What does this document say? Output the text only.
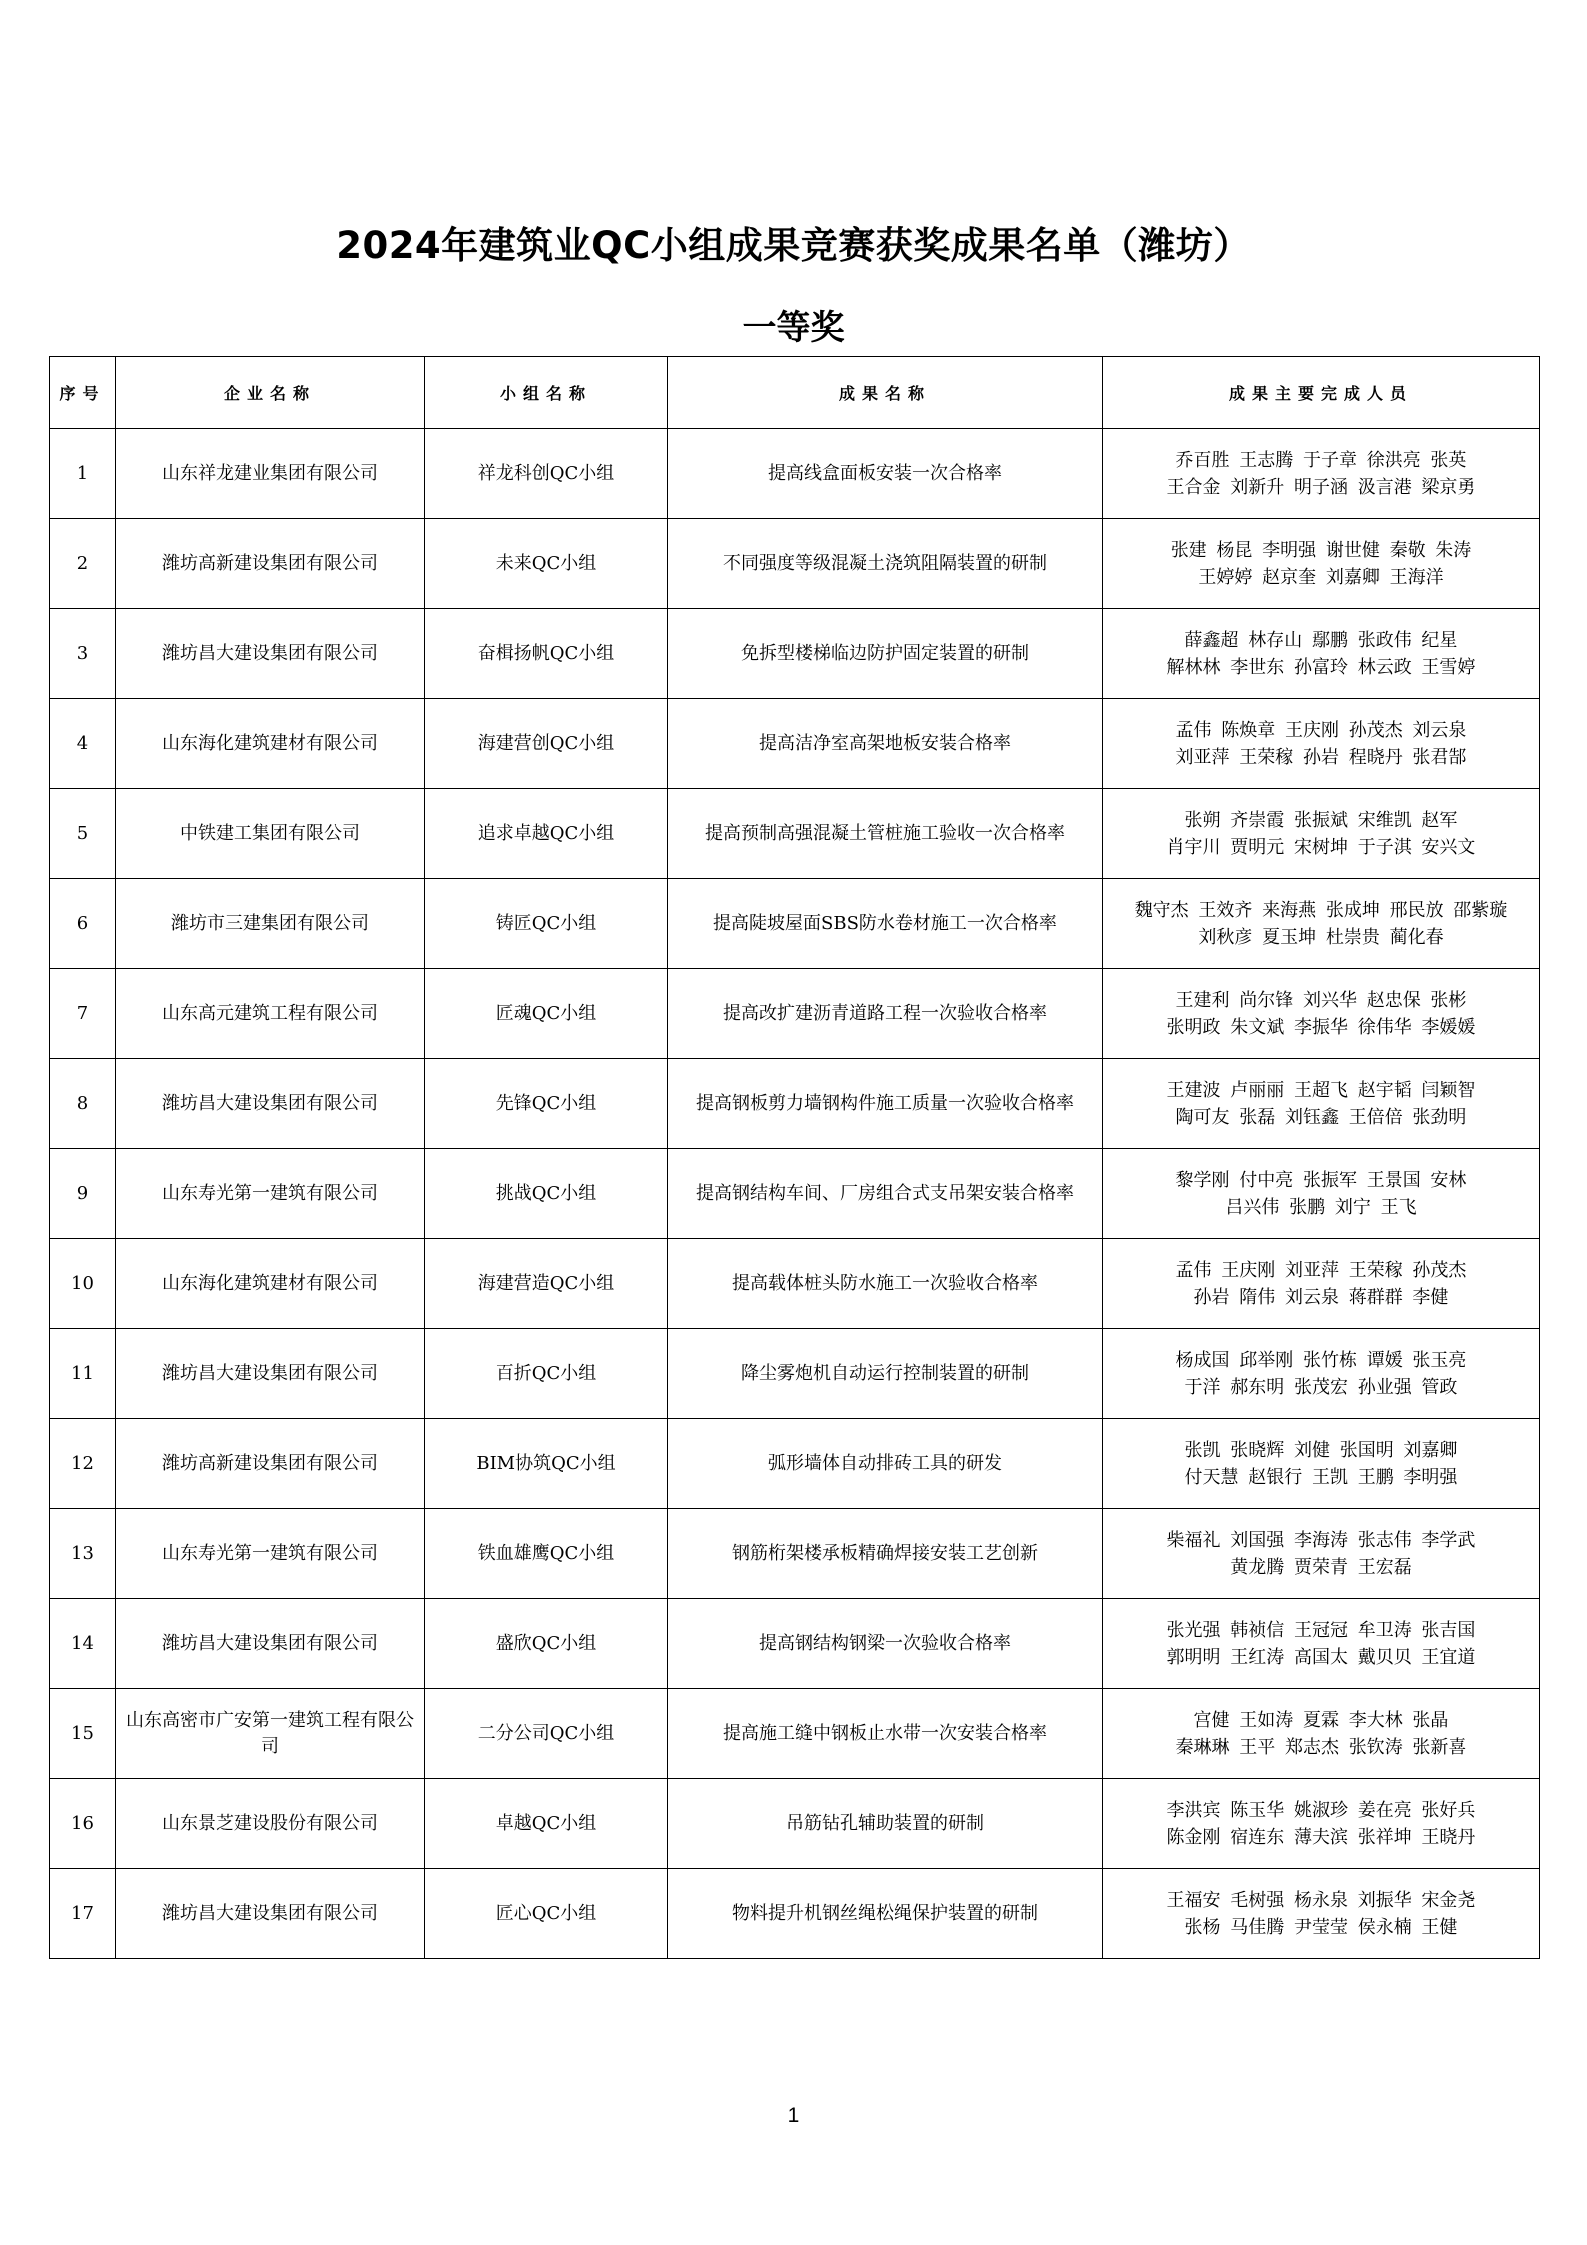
2024年建筑业QC小组成果竞赛获奖成果名单（潍坊）
一等奖
序号	企业名称	小组名称	成果名称	成果主要完成人员
1	山东祥龙建业集团有限公司	祥龙科创QC小组	提高线盒面板安装一次合格率	乔百胜 王志腾 于子章 徐洪亮 张英
王合金 刘新升 明子涵 汲言港 梁京勇

2	潍坊高新建设集团有限公司	未来QC小组	不同强度等级混凝土浇筑阻隔装置的研制	张建 杨昆 李明强 谢世健 秦敬 朱涛
王婷婷 赵京奎 刘嘉卿 王海洋

3	潍坊昌大建设集团有限公司	奋楫扬帆QC小组	免拆型楼梯临边防护固定装置的研制	薛鑫超 林存山 鄢鹏 张政伟 纪星
解林林 李世东 孙富玲 林云政 王雪婷

4	山东海化建筑建材有限公司	海建营创QC小组	提高洁净室高架地板安装合格率	孟伟 陈焕章 王庆刚 孙茂杰 刘云泉
刘亚萍 王荣稼 孙岩 程晓丹 张君郜

5	中铁建工集团有限公司	追求卓越QC小组	提高预制高强混凝土管桩施工验收一次合格率	张朔 齐崇霞 张振斌 宋维凯 赵军
肖宇川 贾明元 宋树坤 于子淇 安兴文

6	潍坊市三建集团有限公司	铸匠QC小组	提高陡坡屋面SBS防水卷材施工一次合格率	魏守杰 王效齐 来海燕 张成坤 邢民放 邵紫璇
刘秋彦 夏玉坤 杜崇贵 蔺化春

7	山东高元建筑工程有限公司	匠魂QC小组	提高改扩建沥青道路工程一次验收合格率	王建利 尚尔锋 刘兴华 赵忠保 张彬
张明政 朱文斌 李振华 徐伟华 李媛媛

8	潍坊昌大建设集团有限公司	先锋QC小组	提高钢板剪力墙钢构件施工质量一次验收合格率	王建波 卢丽丽 王超飞 赵宇韬 闫颖智
陶可友 张磊 刘钰鑫 王倍倍 张劲明

9	山东寿光第一建筑有限公司	挑战QC小组	提高钢结构车间、厂房组合式支吊架安装合格率	黎学刚 付中亮 张振军 王景国 安林
吕兴伟 张鹏 刘宁 王飞

10	山东海化建筑建材有限公司	海建营造QC小组	提高载体桩头防水施工一次验收合格率	孟伟 王庆刚 刘亚萍 王荣稼 孙茂杰
孙岩 隋伟 刘云泉 蒋群群 李健

11	潍坊昌大建设集团有限公司	百折QC小组	降尘雾炮机自动运行控制装置的研制	杨成国 邱举刚 张竹栋 谭媛 张玉亮
于洋 郝东明 张茂宏 孙业强 管政

12	潍坊高新建设集团有限公司	BIM协筑QC小组	弧形墙体自动排砖工具的研发	张凯 张晓辉 刘健 张国明 刘嘉卿
付天慧 赵银行 王凯 王鹏 李明强

13	山东寿光第一建筑有限公司	铁血雄鹰QC小组	钢筋桁架楼承板精确焊接安装工艺创新	柴福礼 刘国强 李海涛 张志伟 李学武
黄龙腾 贾荣青 王宏磊

14	潍坊昌大建设集团有限公司	盛欣QC小组	提高钢结构钢梁一次验收合格率	张光强 韩祯信 王冠冠 牟卫涛 张吉国
郭明明 王红涛 高国太 戴贝贝 王宜道

15	山东高密市广安第一建筑工程有限公司	二分公司QC小组	提高施工缝中钢板止水带一次安装合格率	宫健 王如涛 夏霖 李大林 张晶
秦琳琳 王平 郑志杰 张钦涛 张新喜

16	山东景芝建设股份有限公司	卓越QC小组	吊筋钻孔辅助装置的研制	李洪宾 陈玉华 姚淑珍 姜在亮 张好兵
陈金刚 宿连东 薄夫滨 张祥坤 王晓丹

17	潍坊昌大建设集团有限公司	匠心QC小组	物料提升机钢丝绳松绳保护装置的研制	王福安 毛树强 杨永泉 刘振华 宋金尧
张杨 马佳腾 尹莹莹 侯永楠 王健
1
